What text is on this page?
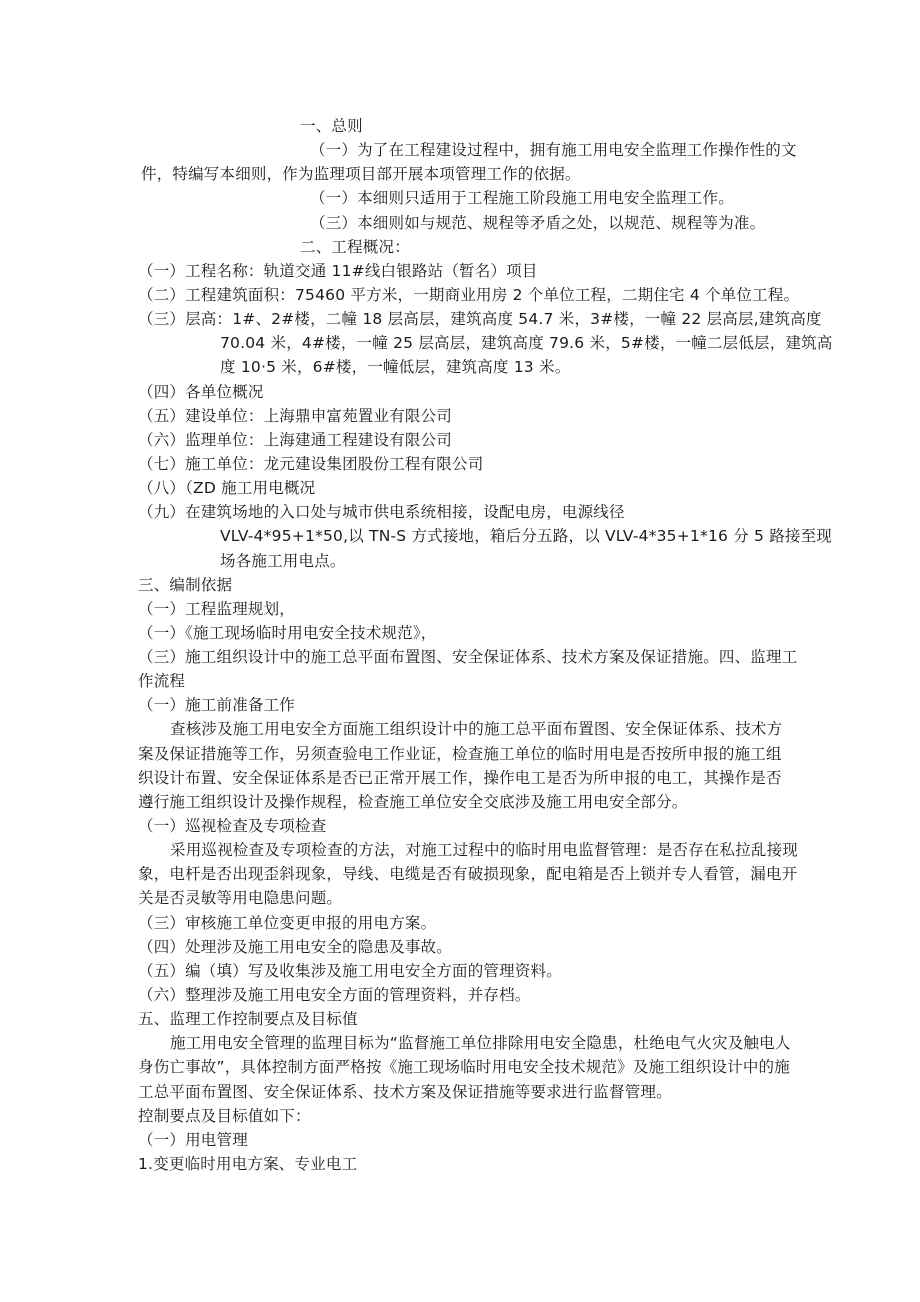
一、总则
（一）为了在工程建设过程中，拥有施工用电安全监理工作操作性的文
件，特编写本细则，作为监理项目部开展本项管理工作的依据。
（一）本细则只适用于工程施工阶段施工用电安全监理工作。
（三）本细则如与规范、规程等矛盾之处，以规范、规程等为准。
二、工程概况：
（一）工程名称：轨道交通 11#线白银路站（暂名）项目
（二）工程建筑面积：75460 平方米，一期商业用房 2 个单位工程，二期住宅 4 个单位工程。
（三）层高：1#、2#楼，二幢 18 层高层，建筑高度 54.7 米，3#楼，一幢 22 层高层,建筑高度
70.04 米，4#楼，一幢 25 层高层，建筑高度 79.6 米，5#楼，一幢二层低层，建筑高
度 10·5 米，6#楼，一幢低层，建筑高度 13 米。
（四）各单位概况
（五）建设单位：上海鼎申富苑置业有限公司
（六）监理单位：上海建通工程建设有限公司
（七）施工单位：龙元建设集团股份工程有限公司
（八）（ZD 施工用电概况
（九）在建筑场地的入口处与城市供电系统相接，设配电房，电源线径
VLV-4*95+1*50,以 TN-S 方式接地，箱后分五路，以 VLV-4*35+1*16 分 5 路接至现
场各施工用电点。
三、编制依据
（一）工程监理规划，
（一）《施工现场临时用电安全技术规范》，
（三）施工组织设计中的施工总平面布置图、安全保证体系、技术方案及保证措施。四、监理工
作流程
（一）施工前准备工作
查核涉及施工用电安全方面施工组织设计中的施工总平面布置图、安全保证体系、技术方
案及保证措施等工作，另须查验电工作业证，检查施工单位的临时用电是否按所申报的施工组
织设计布置、安全保证体系是否已正常开展工作，操作电工是否为所申报的电工，其操作是否
遵行施工组织设计及操作规程，检查施工单位安全交底涉及施工用电安全部分。
（一）巡视检查及专项检查
采用巡视检查及专项检查的方法，对施工过程中的临时用电监督管理：是否存在私拉乱接现
象，电杆是否出现歪斜现象，导线、电缆是否有破损现象，配电箱是否上锁并专人看管，漏电开
关是否灵敏等用电隐患问题。
（三）审核施工单位变更申报的用电方案。
（四）处理涉及施工用电安全的隐患及事故。
（五）编（填）写及收集涉及施工用电安全方面的管理资料。
（六）整理涉及施工用电安全方面的管理资料，并存档。
五、监理工作控制要点及目标值
施工用电安全管理的监理目标为“监督施工单位排除用电安全隐患，杜绝电气火灾及触电人
身伤亡事故”，具体控制方面严格按《施工现场临时用电安全技术规范》及施工组织设计中的施
工总平面布置图、安全保证体系、技术方案及保证措施等要求进行监督管理。
控制要点及目标值如下：
（一）用电管理
1.变更临时用电方案、专业电工
